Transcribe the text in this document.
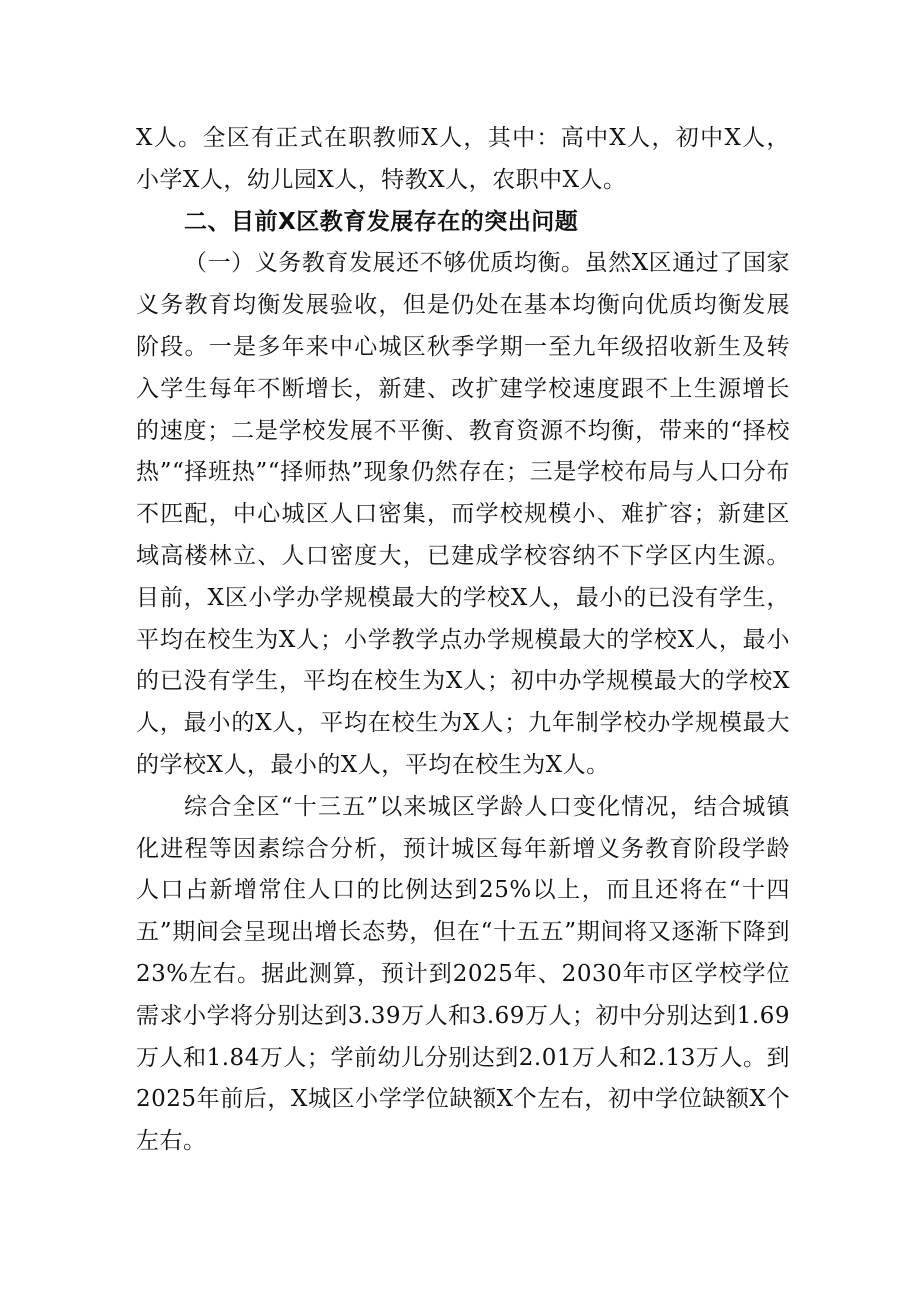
X人。全区有正式在职教师X人，其中：高中X人，初中X人，小学X人，幼儿园X人，特教X人，农职中X人。

二、目前X区教育发展存在的突出问题

（一）义务教育发展还不够优质均衡。虽然X区通过了国家义务教育均衡发展验收，但是仍处在基本均衡向优质均衡发展阶段。一是多年来中心城区秋季学期一至九年级招收新生及转入学生每年不断增长，新建、改扩建学校速度跟不上生源增长的速度；二是学校发展不平衡、教育资源不均衡，带来的“择校热”“择班热”“择师热”现象仍然存在；三是学校布局与人口分布不匹配，中心城区人口密集，而学校规模小、难扩容；新建区域高楼林立、人口密度大，已建成学校容纳不下学区内生源。目前，X区小学办学规模最大的学校X人，最小的已没有学生，平均在校生为X人；小学教学点办学规模最大的学校X人，最小的已没有学生，平均在校生为X人；初中办学规模最大的学校X人，最小的X人，平均在校生为X人；九年制学校办学规模最大的学校X人，最小的X人，平均在校生为X人。

综合全区“十三五”以来城区学龄人口变化情况，结合城镇化进程等因素综合分析，预计城区每年新增义务教育阶段学龄人口占新增常住人口的比例达到25%以上，而且还将在“十四五”期间会呈现出增长态势，但在“十五五”期间将又逐渐下降到23%左右。据此测算，预计到2025年、2030年市区学校学位需求小学将分别达到3.39万人和3.69万人；初中分别达到1.69万人和1.84万人；学前幼儿分别达到2.01万人和2.13万人。到2025年前后，X城区小学学位缺额X个左右，初中学位缺额X个左右。
